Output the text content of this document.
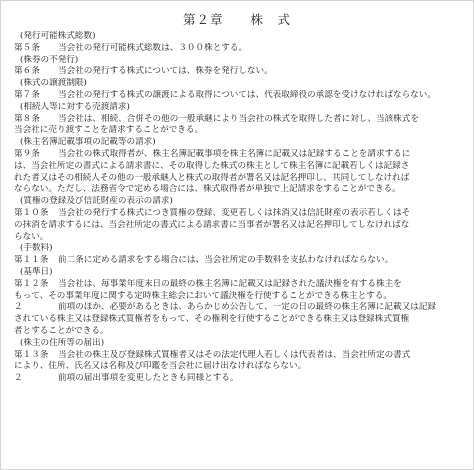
第２章　　株　式
(発行可能株式総数)
第５条 当会社の発行可能株式総数は、３００株とする。
(株券の不発行)
第６条 当会社の発行する株式については、株券を発行しない。
(株式の譲渡制限)
第７条 当会社の発行する株式の譲渡による取得については、代表取締役の承認を受けなければならない。
(相続人等に対する売渡請求)
第８条 当会社は、相続、合併その他の一般承継により当会社の株式を取得した者に対し、当該株式を
当会社に売り渡すことを請求することができる。
(株主名簿記載事項の記載等の請求)
第９条 当会社の株式取得者が、株主名簿記載事項を株主名簿に記載又は記録することを請求するに
は、当会社所定の書式による請求書に、その取得した株式の株主として株主名簿に記載若しくは記録さ
れた者又はその相続人その他の一般承継人と株式の取得者が署名又は記名押印し、共同してしなければ
ならない。ただし、法務省令で定める場合には、株式取得者が単独で上記請求をすることができる。
(質権の登録及び信託財産の表示の請求)
第１０条 当会社の発行する株式につき質権の登録、変更若しくは抹消又は信託財産の表示若しくはそ
の抹消を請求するには、当会社所定の書式による請求書に当事者が署名又は記名押印してしなければな
らない。
(手数料)
第１１条 前二条に定める請求をする場合には、当会社所定の手数料を支払わなければならない。
(基準日)
第１２条 当会社は、毎事業年度末日の最終の株主名簿に記載又は記録された議決権を有する株主を
もって、その事業年度に関する定時株主総会において議決権を行使することができる株主とする。
２	前項のほか、必要があるときは、あらかじめ公告して、一定の日の最終の株主名簿に記載又は記録
されている株主又は登録株式質権者をもって、その権利を行使することができる株主又は登録株式質権
者とすることができる。
(株主の住所等の届出)
第１３条 当会社の株主及び登録株式質権者又はその法定代理人若しくは代表者は、当会社所定の書式
により、住所、氏名又は名称及び印鑑を当会社に届け出なければならない。
２	前項の届出事項を変更したときも同様とする。
